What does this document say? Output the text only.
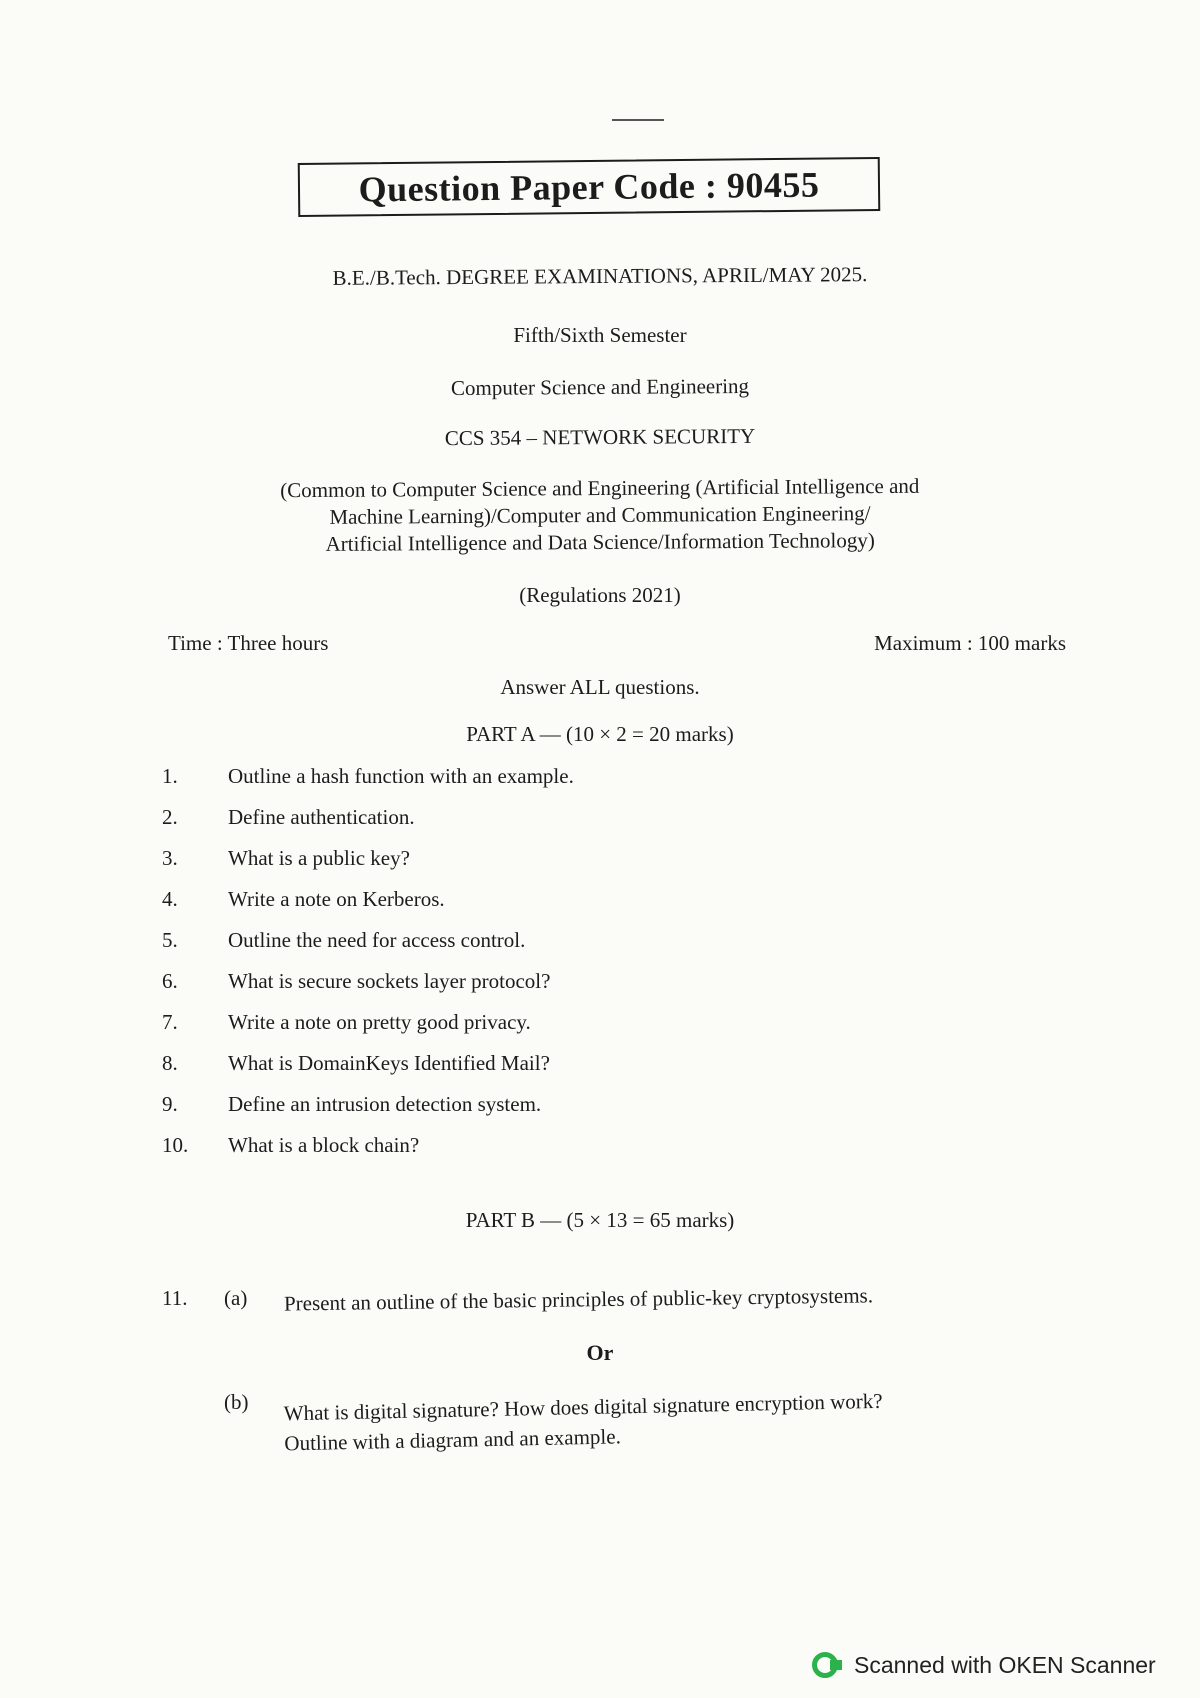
Question Paper Code : 90455
B.E./B.Tech. DEGREE EXAMINATIONS, APRIL/MAY 2025.
Fifth/Sixth Semester
Computer Science and Engineering
CCS 354 – NETWORK SECURITY
(Common to Computer Science and Engineering (Artificial Intelligence and
Machine Learning)/Computer and Communication Engineering/
Artificial Intelligence and Data Science/Information Technology)
(Regulations 2021)
Time : Three hours	Maximum : 100 marks
Answer ALL questions.
PART A — (10 × 2 = 20 marks)
1.	Outline a hash function with an example.
2.	Define authentication.
3.	What is a public key?
4.	Write a note on Kerberos.
5.	Outline the need for access control.
6.	What is secure sockets layer protocol?
7.	Write a note on pretty good privacy.
8.	What is DomainKeys Identified Mail?
9.	Define an intrusion detection system.
10.	What is a block chain?
PART B — (5 × 13 = 65 marks)
11.	(a)	Present an outline of the basic principles of public-key cryptosystems.
Or
(b)	What is digital signature? How does digital signature encryption work?
Outline with a diagram and an example.
Scanned with OKEN Scanner
